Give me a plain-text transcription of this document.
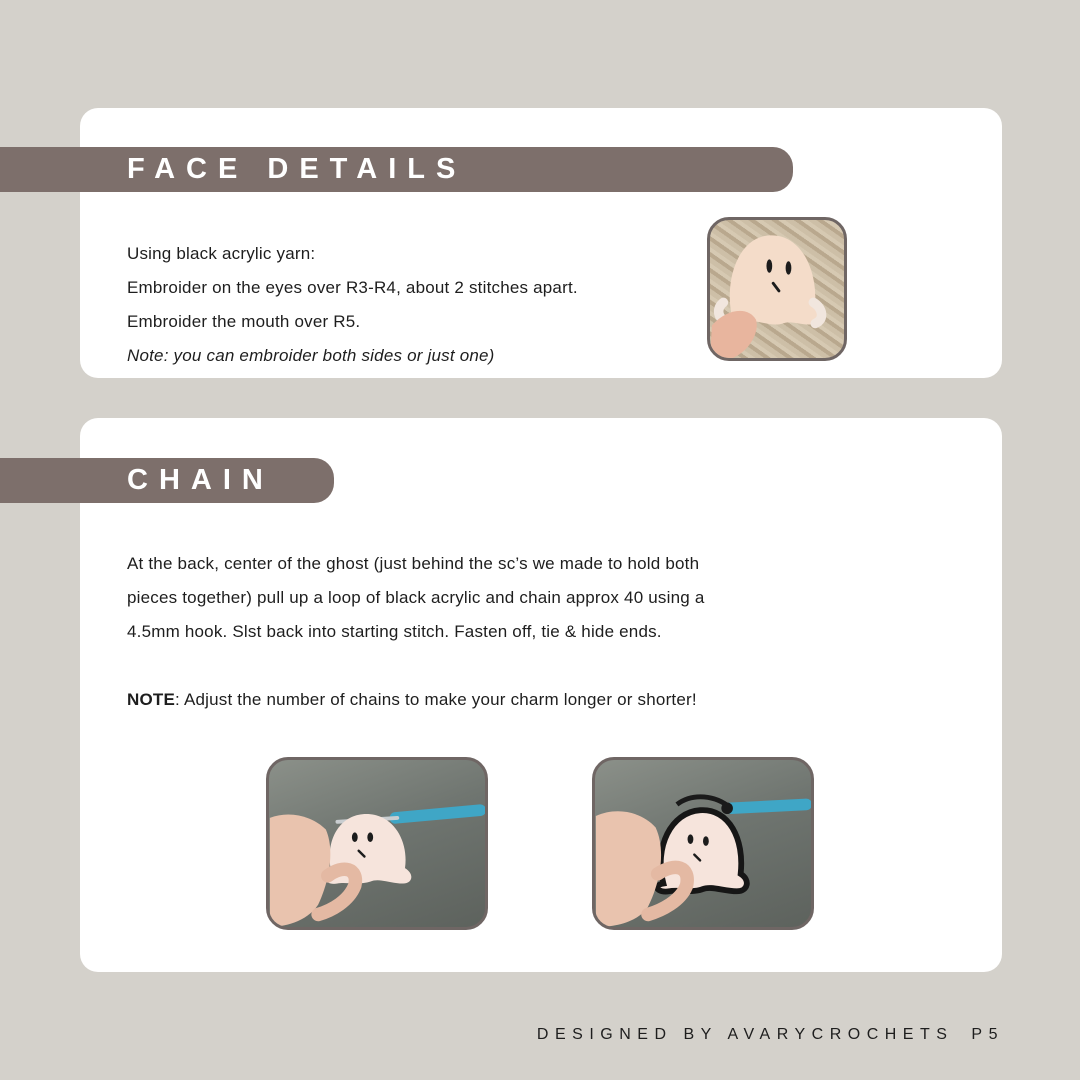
FACE DETAILS
CHAIN
Using black acrylic yarn:
Embroider on the eyes over R3-R4, about 2 stitches apart.
Embroider the mouth over R5.
Note: you can embroider both sides or just one)
At the back, center of the ghost (just behind the sc’s we made to hold both
pieces together) pull up a loop of black acrylic and chain approx 40 using a
4.5mm hook. Slst back into starting stitch. Fasten off, tie & hide ends.
NOTE: Adjust the number of chains to make your charm longer or shorter!
DESIGNED BY AVARYCROCHETS P5
